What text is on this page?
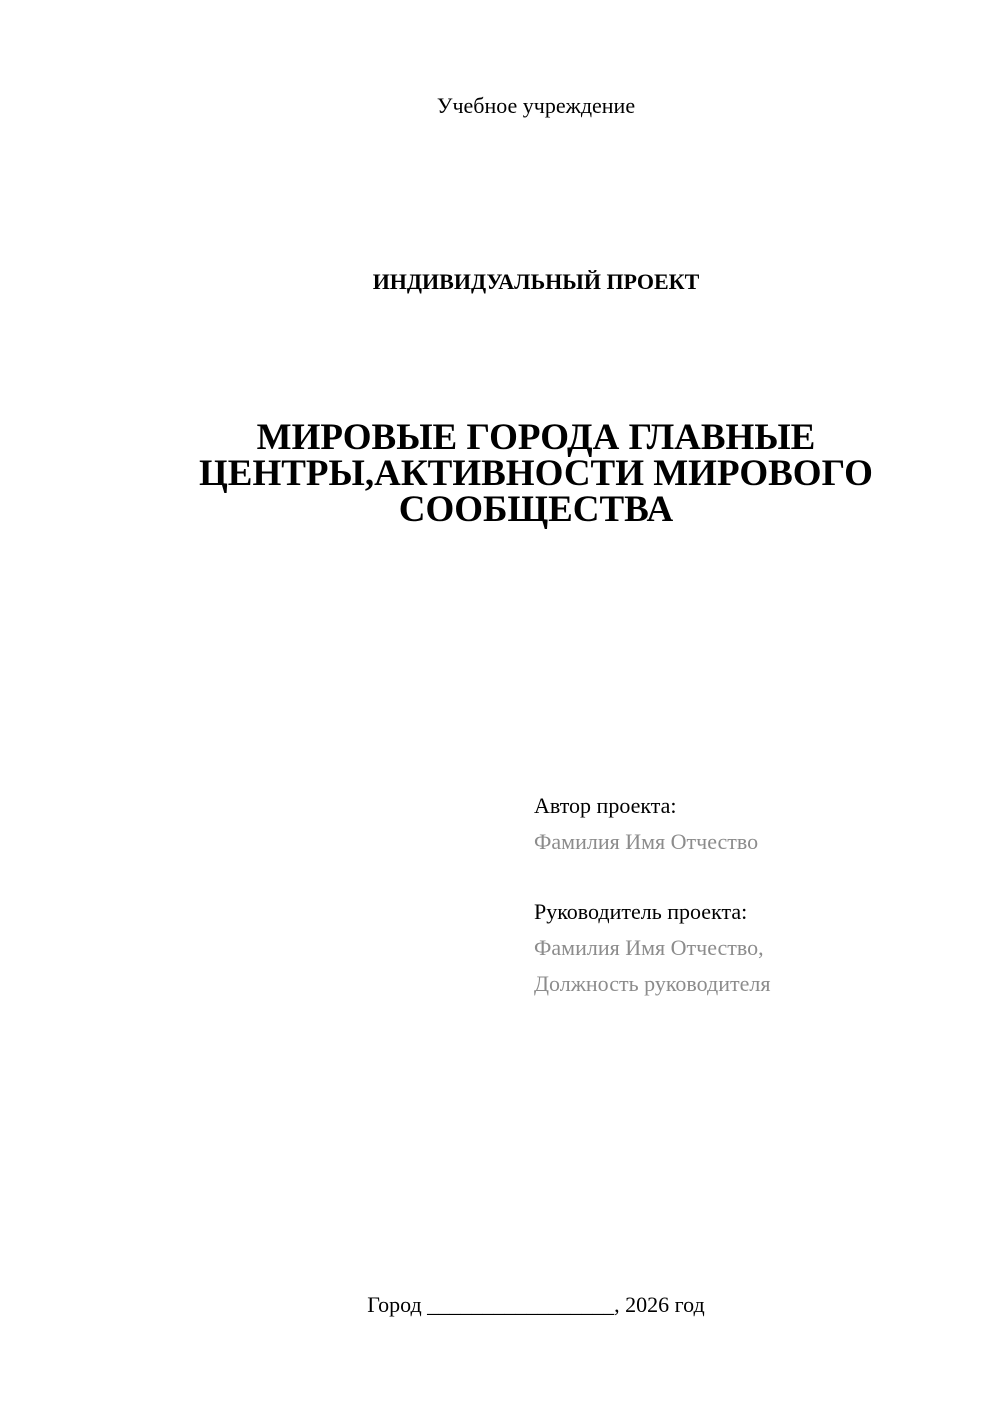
Учебное учреждение
ИНДИВИДУАЛЬНЫЙ ПРОЕКТ
МИРОВЫЕ ГОРОДА ГЛАВНЫЕ
ЦЕНТРЫ,АКТИВНОСТИ МИРОВОГО
СООБЩЕСТВА
Автор проекта:
Фамилия Имя Отчество
Руководитель проекта:
Фамилия Имя Отчество,
Должность руководителя
Город _________________, 2026 год
